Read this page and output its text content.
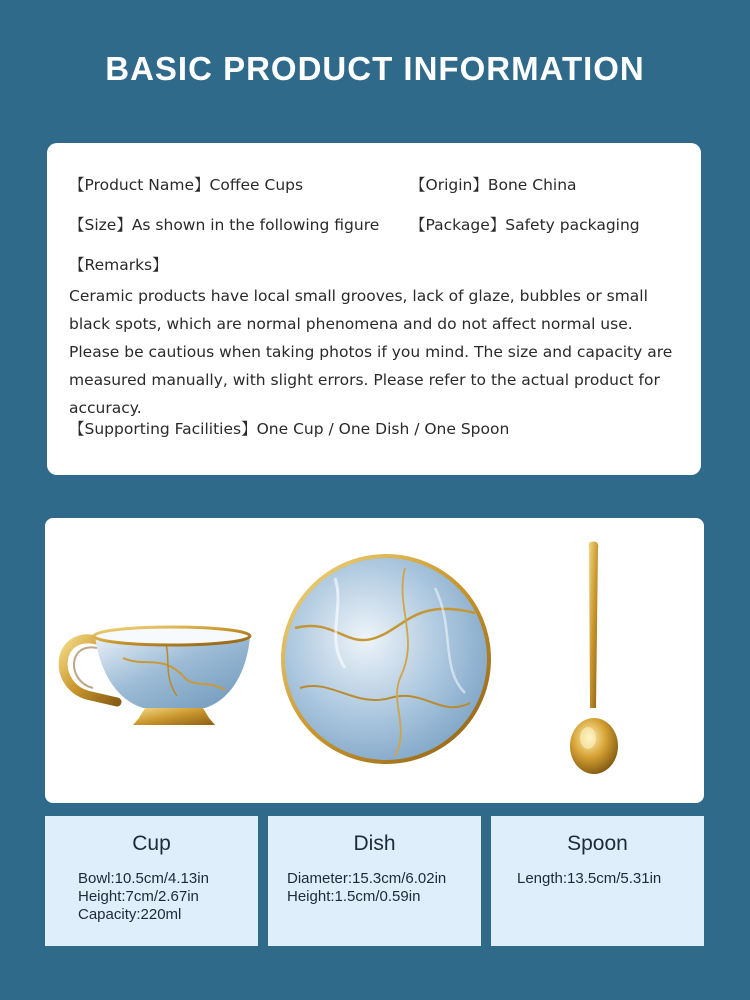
BASIC PRODUCT INFORMATION
【Product Name】Coffee Cups	【Origin】Bone China
【Size】As shown in the following figure 【Package】Safety packaging
【Remarks】
Ceramic products have local small grooves, lack of glaze, bubbles or small black spots, which are normal phenomena and do not affect normal use. Please be cautious when taking photos if you mind. The size and capacity are measured manually, with slight errors. Please refer to the actual product for accuracy.
【Supporting Facilities】One Cup / One Dish / One Spoon
Cup
Bowl:10.5cm/4.13in
Height:7cm/2.67in
Capacity:220ml
Dish
Diameter:15.3cm/6.02in
Height:1.5cm/0.59in
Spoon
Length:13.5cm/5.31in
